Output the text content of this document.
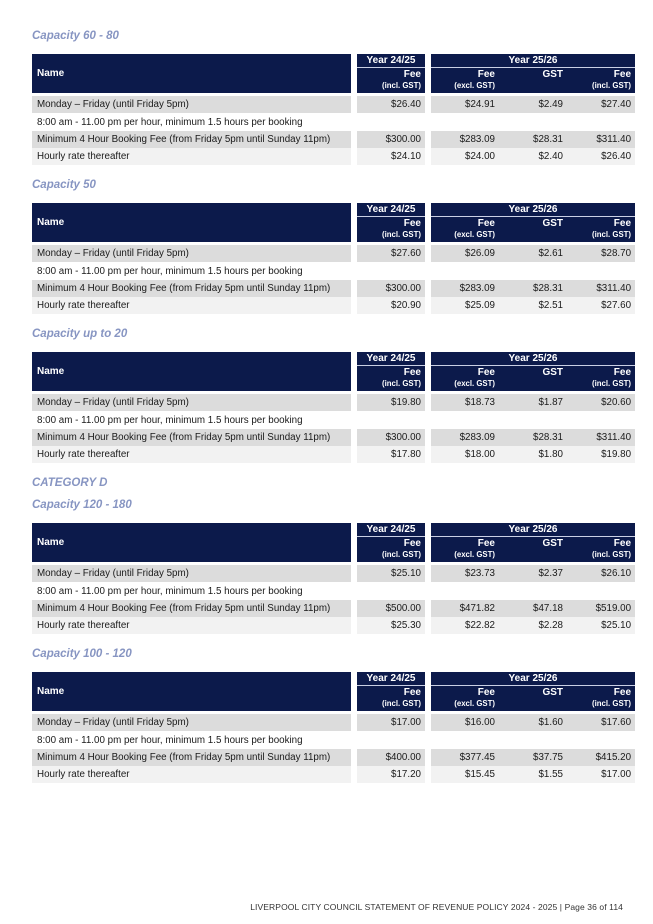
Capacity 60 - 80
Name		Year 24/25		Year 25/26		
		Fee		Fee	GST	Fee
		(incl. GST)		(excl. GST)		(incl. GST)

Monday – Friday (until Friday 5pm)		$26.40		$24.91	$2.49	$27.40
8:00 am - 11.00 pm per hour, minimum 1.5 hours per booking						
Minimum 4 Hour Booking Fee (from Friday 5pm until Sunday 11pm)		$300.00		$283.09	$28.31	$311.40
Hourly rate thereafter		$24.10		$24.00	$2.40	$26.40
Capacity 50
Name		Year 24/25		Year 25/26		
		Fee		Fee	GST	Fee
		(incl. GST)		(excl. GST)		(incl. GST)

Monday – Friday (until Friday 5pm)		$27.60		$26.09	$2.61	$28.70
8:00 am - 11.00 pm per hour, minimum 1.5 hours per booking						
Minimum 4 Hour Booking Fee (from Friday 5pm until Sunday 11pm)		$300.00		$283.09	$28.31	$311.40
Hourly rate thereafter		$20.90		$25.09	$2.51	$27.60
Capacity up to 20
Name		Year 24/25		Year 25/26		
		Fee		Fee	GST	Fee
		(incl. GST)		(excl. GST)		(incl. GST)

Monday – Friday (until Friday 5pm)		$19.80		$18.73	$1.87	$20.60
8:00 am - 11.00 pm per hour, minimum 1.5 hours per booking						
Minimum 4 Hour Booking Fee (from Friday 5pm until Sunday 11pm)		$300.00		$283.09	$28.31	$311.40
Hourly rate thereafter		$17.80		$18.00	$1.80	$19.80
CATEGORY D
Capacity 120 - 180
Name		Year 24/25		Year 25/26		
		Fee		Fee	GST	Fee
		(incl. GST)		(excl. GST)		(incl. GST)

Monday – Friday (until Friday 5pm)		$25.10		$23.73	$2.37	$26.10
8:00 am - 11.00 pm per hour, minimum 1.5 hours per booking						
Minimum 4 Hour Booking Fee (from Friday 5pm until Sunday 11pm)		$500.00		$471.82	$47.18	$519.00
Hourly rate thereafter		$25.30		$22.82	$2.28	$25.10
Capacity 100 - 120
Name		Year 24/25		Year 25/26		
		Fee		Fee	GST	Fee
		(incl. GST)		(excl. GST)		(incl. GST)

Monday – Friday (until Friday 5pm)		$17.00		$16.00	$1.60	$17.60
8:00 am - 11.00 pm per hour, minimum 1.5 hours per booking						
Minimum 4 Hour Booking Fee (from Friday 5pm until Sunday 11pm)		$400.00		$377.45	$37.75	$415.20
Hourly rate thereafter		$17.20		$15.45	$1.55	$17.00
LIVERPOOL CITY COUNCIL STATEMENT OF REVENUE POLICY 2024 - 2025 | Page 36 of 114
